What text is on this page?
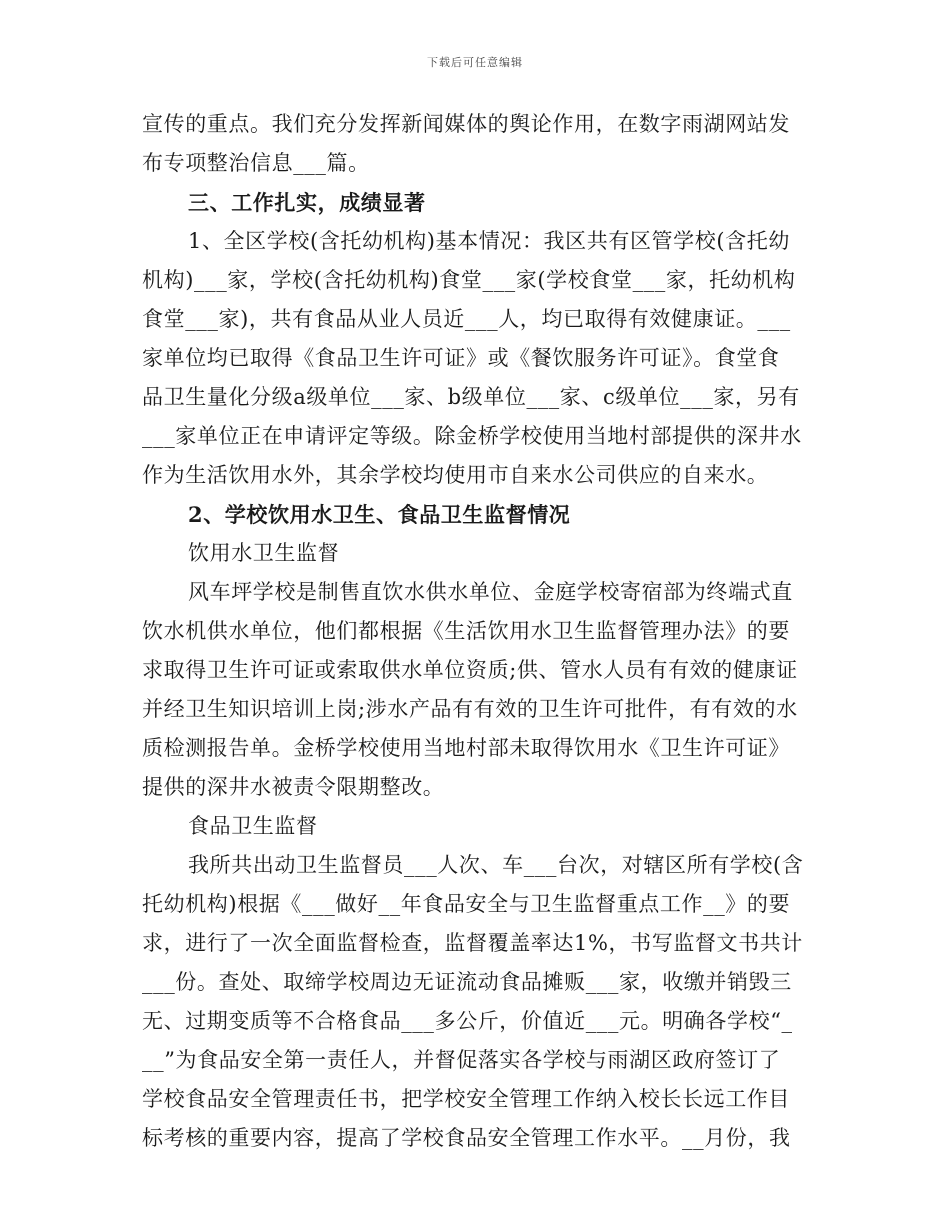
下载后可任意编辑
宣传的重点。我们充分发挥新闻媒体的舆论作用，在数字雨湖网站发
布专项整治信息___篇。
三、工作扎实，成绩显著
1、全区学校(含托幼机构)基本情况：我区共有区管学校(含托幼
机构)___家，学校(含托幼机构)食堂___家(学校食堂___家，托幼机构
食堂___家)，共有食品从业人员近___人，均已取得有效健康证。___
家单位均已取得《食品卫生许可证》或《餐饮服务许可证》。食堂食
品卫生量化分级a级单位___家、b级单位___家、c级单位___家，另有
___家单位正在申请评定等级。除金桥学校使用当地村部提供的深井水
作为生活饮用水外，其余学校均使用市自来水公司供应的自来水。
2、学校饮用水卫生、食品卫生监督情况
饮用水卫生监督
风车坪学校是制售直饮水供水单位、金庭学校寄宿部为终端式直
饮水机供水单位，他们都根据《生活饮用水卫生监督管理办法》的要
求取得卫生许可证或索取供水单位资质;供、管水人员有有效的健康证
并经卫生知识培训上岗;涉水产品有有效的卫生许可批件，有有效的水
质检测报告单。金桥学校使用当地村部未取得饮用水《卫生许可证》
提供的深井水被责令限期整改。
食品卫生监督
我所共出动卫生监督员___人次、车___台次，对辖区所有学校(含
托幼机构)根据《___做好__年食品安全与卫生监督重点工作__》的要
求，进行了一次全面监督检查，监督覆盖率达1%，书写监督文书共计
___份。查处、取缔学校周边无证流动食品摊贩___家，收缴并销毁三
无、过期变质等不合格食品___多公斤，价值近___元。明确各学校“_
__”为食品安全第一责任人，并督促落实各学校与雨湖区政府签订了
学校食品安全管理责任书，把学校安全管理工作纳入校长长远工作目
标考核的重要内容，提高了学校食品安全管理工作水平。__月份，我
